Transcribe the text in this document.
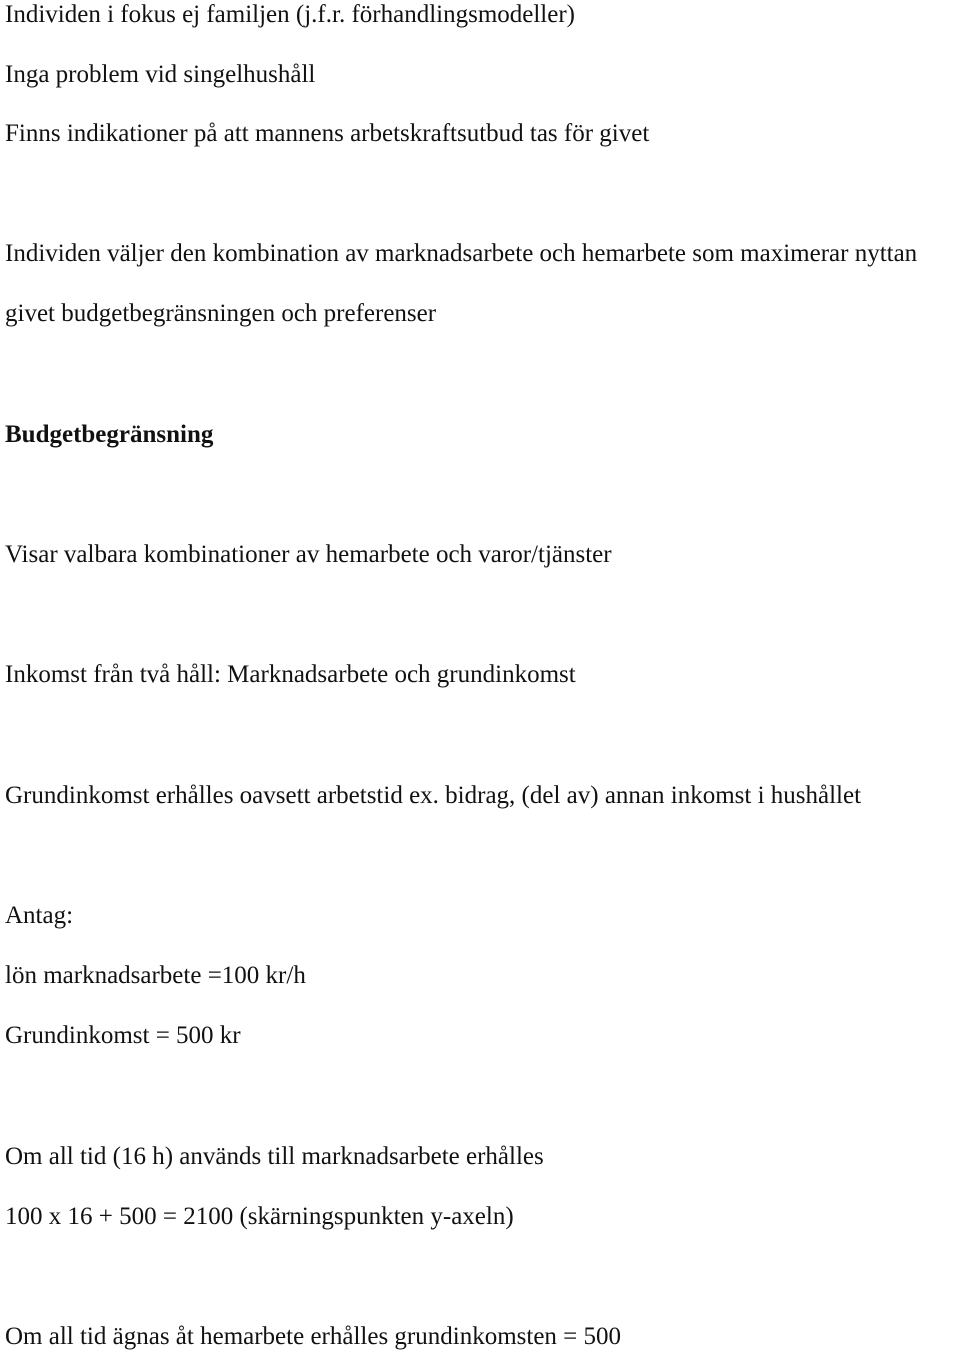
Individen i fokus ej familjen (j.f.r. förhandlingsmodeller)

Inga problem vid singelhushåll

Finns indikationer på att mannens arbetskraftsutbud tas för givet

Individen väljer den kombination av marknadsarbete och hemarbete som maximerar nyttan

givet budgetbegränsningen och preferenser

Budgetbegränsning

Visar valbara kombinationer av hemarbete och varor/tjänster

Inkomst från två håll: Marknadsarbete och grundinkomst

Grundinkomst erhålles oavsett arbetstid ex. bidrag, (del av) annan inkomst i hushållet

Antag:

lön marknadsarbete =100 kr/h

Grundinkomst = 500 kr

Om all tid (16 h) används till marknadsarbete erhålles

100 x 16 + 500 = 2100 (skärningspunkten y-axeln)

Om all tid ägnas åt hemarbete erhålles grundinkomsten = 500
